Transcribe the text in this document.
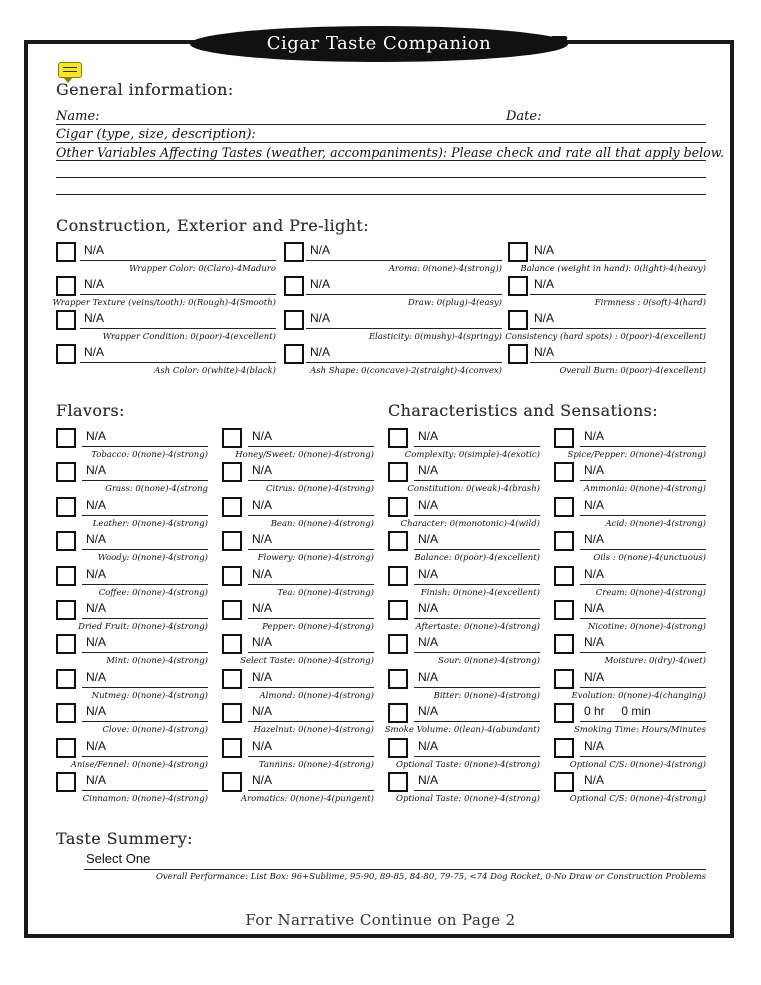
Cigar Taste Companion
General information:
Name:	Date:
Cigar (type, size, description):
Other Variables Affecting Tastes (weather, accompaniments): Please check and rate all that apply below.
Construction, Exterior and Pre-light:
N/A
Wrapper Color: 0(Claro)-4Maduro
N/A
Aroma: 0(none)-4(strong))
N/A
Balance (weight in hand): 0(light)-4(heavy)
N/A
Wrapper Texture (veins/tooth): 0(Rough)-4(Smooth)
N/A
Draw: 0(plug)-4(easy)
N/A
Firmness : 0(soft)-4(hard)
N/A
Wrapper Condition: 0(poor)-4(excellent)
N/A
Elasticity: 0(mushy)-4(springy)
N/A
Consistency (hard spots) : 0(poor)-4(excellent)
N/A
Ash Color: 0(white)-4(black)
N/A
Ash Shape: 0(concave)-2(straight)-4(convex)
N/A
Overall Burn: 0(poor)-4(excellent)
Flavors:	Characteristics and Sensations:
N/A
Tobacco: 0(none)-4(strong)
N/A
Honey/Sweet: 0(none)-4(strong)
N/A
Complexity: 0(simple)-4(exotic)
N/A
Spice/Pepper: 0(none)-4(strong)
N/A
Grass: 0(none)-4(strong
N/A
Citrus: 0(none)-4(strong)
N/A
Constitution: 0(weak)-4(brash)
N/A
Ammonia: 0(none)-4(strong)
N/A
Leather: 0(none)-4(strong)
N/A
Bean: 0(none)-4(strong)
N/A
Character: 0(monotonic)-4(wild)
N/A
Acid: 0(none)-4(strong)
N/A
Woody: 0(none)-4(strong)
N/A
Flowery: 0(none)-4(strong)
N/A
Balance: 0(poor)-4(excellent)
N/A
Oils : 0(none)-4(unctuous)
N/A
Coffee: 0(none)-4(strong)
N/A
Tea: 0(none)-4(strong)
N/A
Finish: 0(none)-4(excellent)
N/A
Cream: 0(none)-4(strong)
N/A
Dried Fruit: 0(none)-4(strong)
N/A
Pepper: 0(none)-4(strong)
N/A
Aftertaste: 0(none)-4(strong)
N/A
Nicotine: 0(none)-4(strong)
N/A
Mint: 0(none)-4(strong)
N/A
Select Taste: 0(none)-4(strong)
N/A
Sour: 0(none)-4(strong)
N/A
Moisture: 0(dry)-4(wet)
N/A
Nutmeg: 0(none)-4(strong)
N/A
Almond: 0(none)-4(strong)
N/A
Bitter: 0(none)-4(strong)
N/A
Evolution: 0(none)-4(changing)
N/A
Clove: 0(none)-4(strong)
N/A
Hazelnut: 0(none)-4(strong)
N/A
Smoke Volume: 0(lean)-4(abundant)
0 hr     0 min
Smoking Time: Hours/Minutes
N/A
Anise/Fennel: 0(none)-4(strong)
N/A
Tannins: 0(none)-4(strong)
N/A
Optional Taste: 0(none)-4(strong)
N/A
Optional C/S: 0(none)-4(strong)
N/A
Cinnamon: 0(none)-4(strong)
N/A
Aromatics: 0(none)-4(pungent)
N/A
Optional Taste: 0(none)-4(strong)
N/A
Optional C/S: 0(none)-4(strong)
Taste Summery:
Select One
Overall Performance: List Box: 96+Sublime, 95-90, 89-85, 84-80, 79-75, <74 Dog Rocket, 0-No Draw or Construction Problems
For Narrative Continue on Page 2
